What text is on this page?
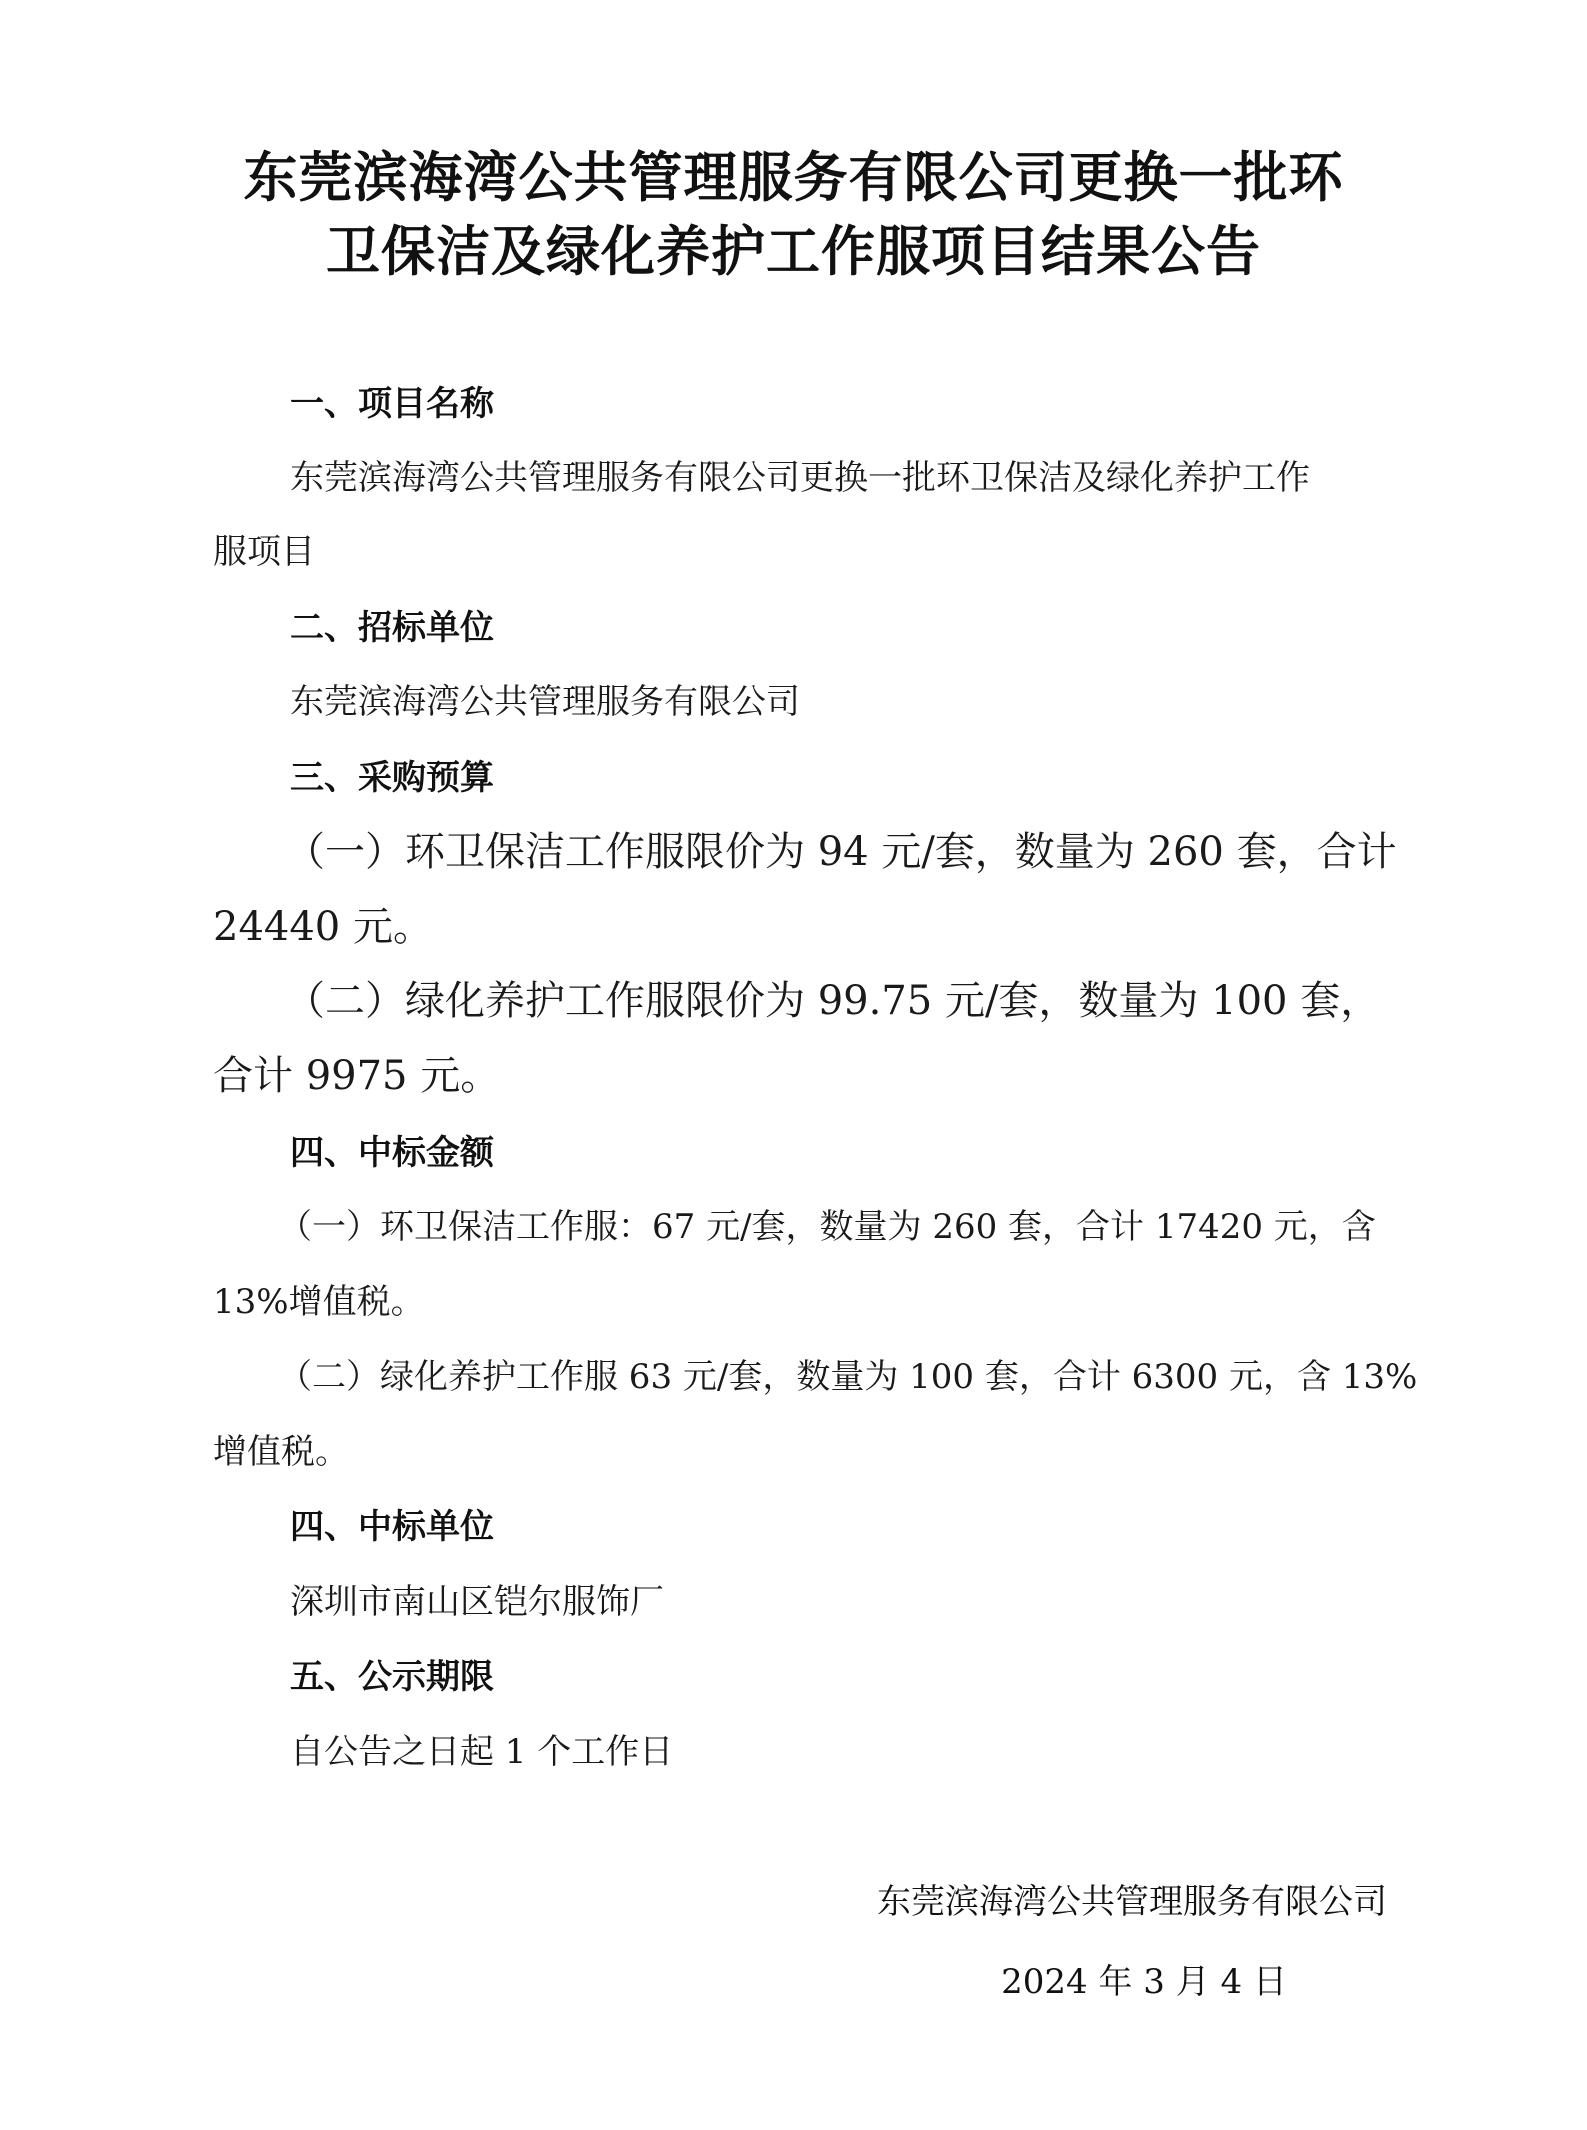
东莞滨海湾公共管理服务有限公司更换一批环
卫保洁及绿化养护工作服项目结果公告
一、项目名称
东莞滨海湾公共管理服务有限公司更换一批环卫保洁及绿化养护工作
服项目
二、招标单位
东莞滨海湾公共管理服务有限公司
三、采购预算
（一）环卫保洁工作服限价为 94 元/套，数量为 260 套，合计
24440 元。
（二）绿化养护工作服限价为 99.75 元/套，数量为 100 套，
合计 9975 元。
四、中标金额
（一）环卫保洁工作服：67 元/套，数量为 260 套，合计 17420 元，含
13%增值税。
（二）绿化养护工作服 63 元/套，数量为 100 套，合计 6300 元，含 13%
增值税。
四、中标单位
深圳市南山区铠尔服饰厂
五、公示期限
自公告之日起 1 个工作日
东莞滨海湾公共管理服务有限公司
2024 年 3 月 4 日
